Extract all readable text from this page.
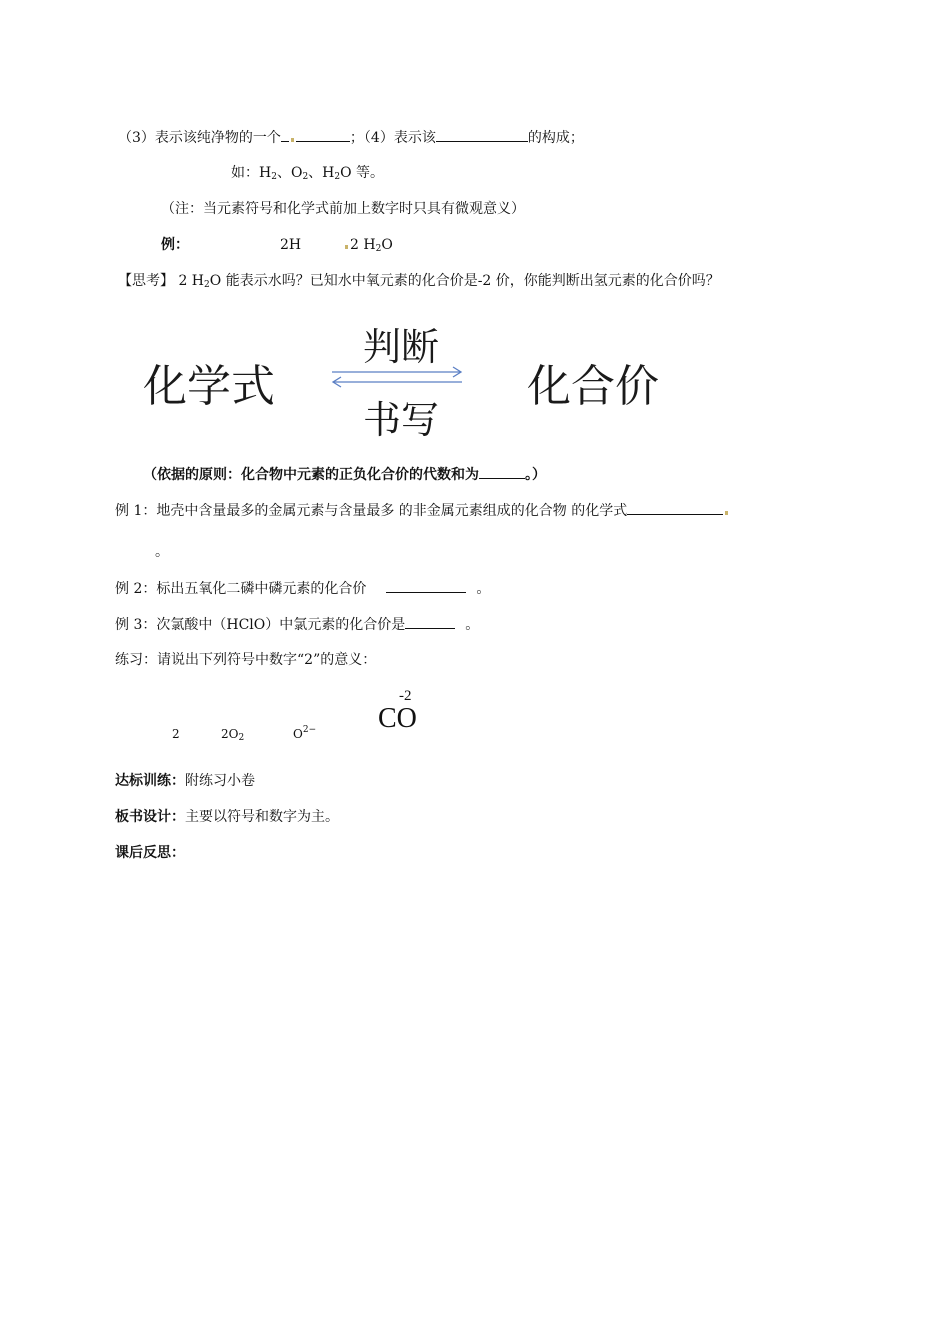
（3）表示该纯净物的一个	；（4）表示该	的构成；
如：$H_2$、$O_2$、$H_2O$ 等。
（注：当元素符号和化学式前加上数字时只具有微观意义）
例：	2H	2 $H_2O$
【思考】 2 $H_2O$ 能表示水吗？已知水中氧元素的化合价是-2 价，你能判断出氢元素的化合价吗？
化学式	化合价
判断
书写
（依据的原则：化合物中元素的正负化合价的代数和为	。）
例 1：地壳中含量最多的金属元素与含量最多 的非金属元素组成的化合物 的化学式
。
例 2：标出五氧化二磷中磷元素的化合价	。
例 3：次氯酸中（HClO）中氯元素的化合价是	。
练习：请说出下列符号中数字“2”的意义：
2	$2O_2$	$O^{2-}$ CO
-2
达标训练：附练习小卷
板书设计：主要以符号和数字为主。
课后反思：
